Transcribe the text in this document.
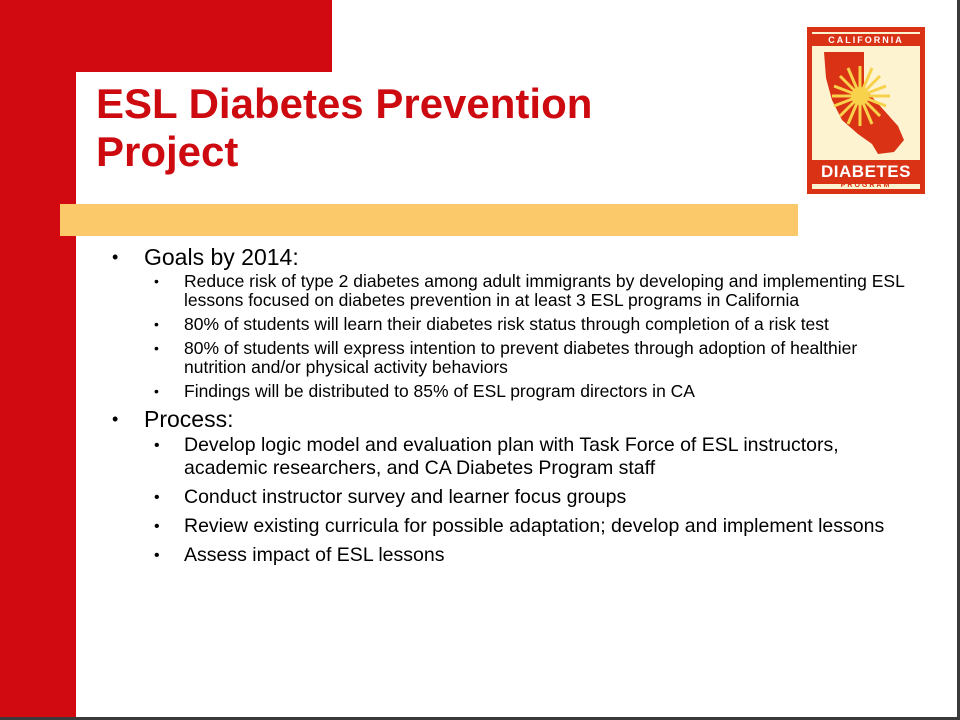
ESL Diabetes Prevention
Project
CALIFORNIA
DIABETES
PROGRAM
• Goals by 2014:
• Reduce risk of type 2 diabetes among adult immigrants by developing and implementing ESL lessons focused on diabetes prevention in at least 3 ESL programs in California
• 80% of students will learn their diabetes risk status through completion of a risk test
• 80% of students will express intention to prevent diabetes through adoption of healthier nutrition and/or physical activity behaviors
• Findings will be distributed to 85% of ESL program directors in CA
• Process:
• Develop logic model and evaluation plan with Task Force of ESL instructors, academic researchers, and CA Diabetes Program staff
• Conduct instructor survey and learner focus groups
• Review existing curricula for possible adaptation; develop and implement lessons
• Assess impact of ESL lessons
